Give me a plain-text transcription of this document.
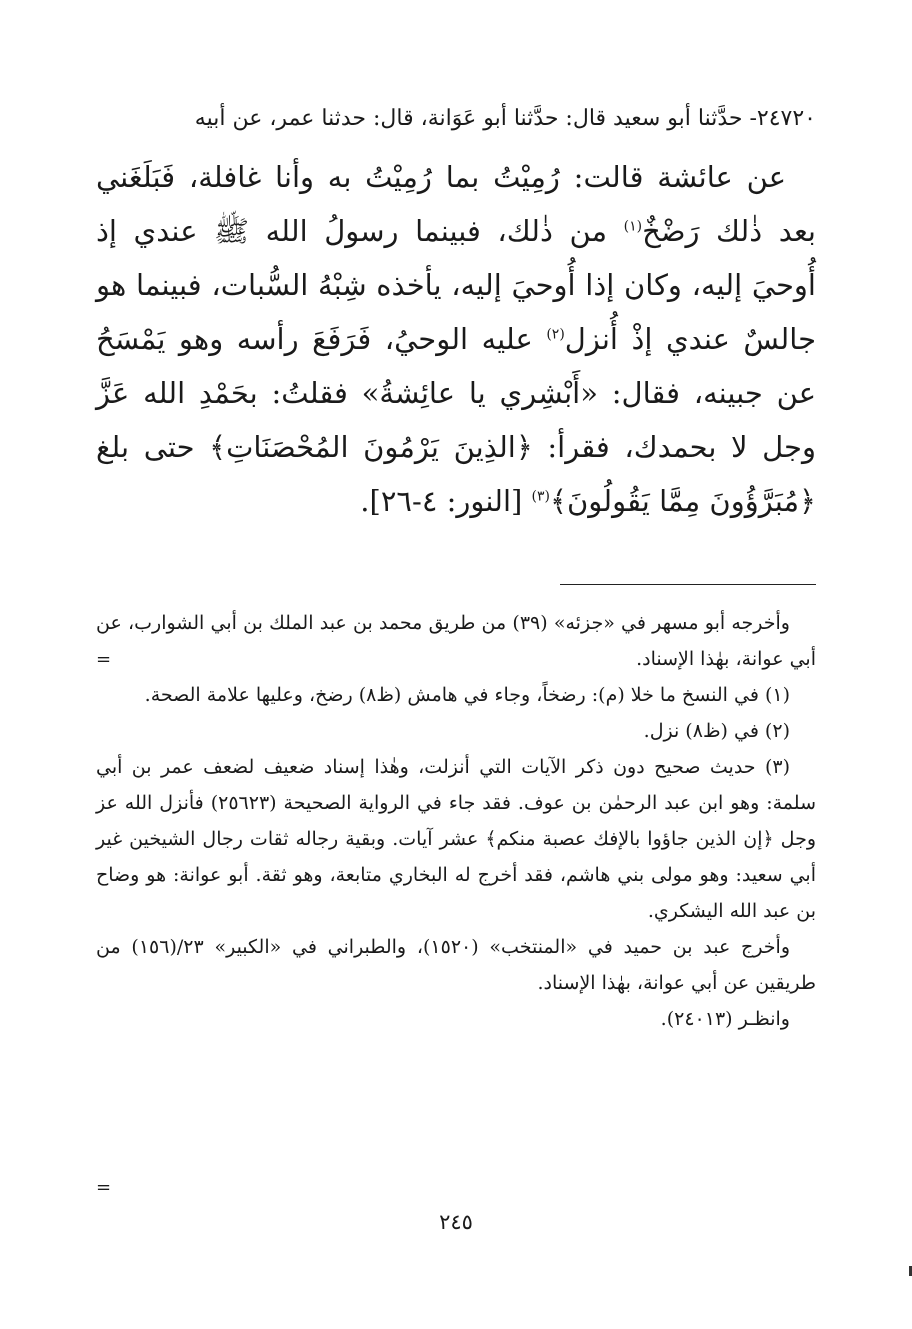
٢٤٧٢٠- حدَّثنا أبو سعيد قال: حدَّثنا أبو عَوَانة، قال: حدثنا عمر، عن أبيه

عن عائشة قالت: رُمِيْتُ بما رُمِيْتُ به وأنا غافلة، فَبَلَغَني بعد ذٰلك رَضْخٌ$^{(١)}$ من ذٰلك، فبينما رسولُ الله ﷺ عندي إذ أُوحيَ إليه، وكان إذا أُوحيَ إليه، يأخذه شِبْهُ السُّبات، فبينما هو جالسٌ عندي إذْ أُنزل$^{(٢)}$ عليه الوحيُ، فَرَفَعَ رأسه وهو يَمْسَحُ عن جبينه، فقال: «أَبْشِري يا عائِشةُ» فقلتُ: بحَمْدِ الله عَزَّ وجل لا بحمدك، فقرأ: ﴿الذِينَ يَرْمُونَ المُحْصَنَاتِ﴾ حتى بلغ ﴿مُبَرَّؤُونَ مِمَّا يَقُولُونَ﴾$^{(٣)}$ [النور: ٤-٢٦].

وأخرجه أبو مسهر في «جزئه» (٣٩) من طريق محمد بن عبد الملك بن أبي الشوارب، عن أبي عوانة، بهٰذا الإسناد.

(١) في النسخ ما خلا (م): رضخاً، وجاء في هامش (ظ٨) رضخ، وعليها علامة الصحة.

(٢) في (ظ٨) نزل.

(٣) حديث صحيح دون ذكر الآيات التي أنزلت، وهٰذا إسناد ضعيف لضعف عمر بن أبي سلمة: وهو ابن عبد الرحمٰن بن عوف. فقد جاء في الرواية الصحيحة (٢٥٦٢٣) فأنزل الله عز وجل ﴿إن الذين جاؤوا بالإفك عصبة منكم﴾ عشر آيات. وبقية رجاله ثقات رجال الشيخين غير أبي سعيد: وهو مولى بني هاشم، فقد أخرج له البخاري متابعة، وهو ثقة. أبو عوانة: هو وضاح بن عبد الله اليشكري.

وأخرج عبد بن حميد في «المنتخب» (١٥٢٠)، والطبراني في «الكبير» ٢٣/(١٥٦) من طريقين عن أبي عوانة، بهٰذا الإسناد.

وانظـر (٢٤٠١٣).

=
=
٢٤٥
